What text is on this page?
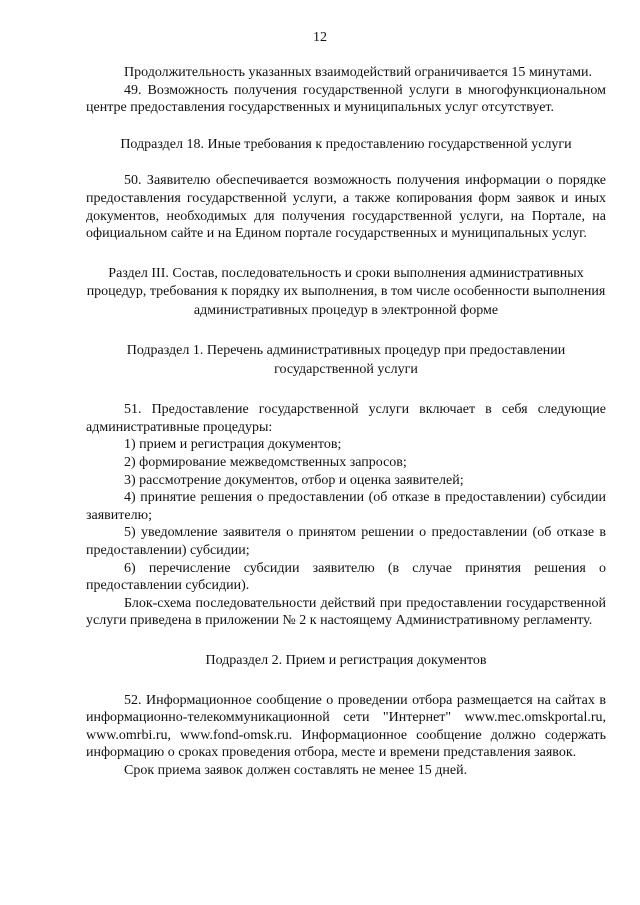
12

Продолжительность указанных взаимодействий ограничивается 15 минутами.

49. Возможность получения государственной услуги в многофункциональном центре предоставления государственных и муниципальных услуг отсутствует.

Подраздел 18. Иные требования к предоставлению государственной услуги

50. Заявителю обеспечивается возможность получения информации о порядке предоставления государственной услуги, а также копирования форм заявок и иных документов, необходимых для получения государственной услуги, на Портале, на официальном сайте и на Едином портале государственных и муниципальных услуг.

Раздел III. Состав, последовательность и сроки выполнения административных процедур, требования к порядку их выполнения, в том числе особенности выполнения административных процедур в электронной форме

Подраздел 1. Перечень административных процедур при предоставлении государственной услуги

51. Предоставление государственной услуги включает в себя следующие административные процедуры:

1) прием и регистрация документов;

2) формирование межведомственных запросов;

3) рассмотрение документов, отбор и оценка заявителей;

4) принятие решения о предоставлении (об отказе в предоставлении) субсидии заявителю;

5) уведомление заявителя о принятом решении о предоставлении (об отказе в предоставлении) субсидии;

6) перечисление субсидии заявителю (в случае принятия решения о предоставлении субсидии).

Блок-схема последовательности действий при предоставлении государственной услуги приведена в приложении № 2 к настоящему Административному регламенту.

Подраздел 2. Прием и регистрация документов

52. Информационное сообщение о проведении отбора размещается на сайтах в информационно-телекоммуникационной сети "Интернет" www.mec.omskportal.ru, www.omrbi.ru, www.fond-omsk.ru. Информационное сообщение должно содержать информацию о сроках проведения отбора, месте и времени представления заявок.

Срок приема заявок должен составлять не менее 15 дней.
